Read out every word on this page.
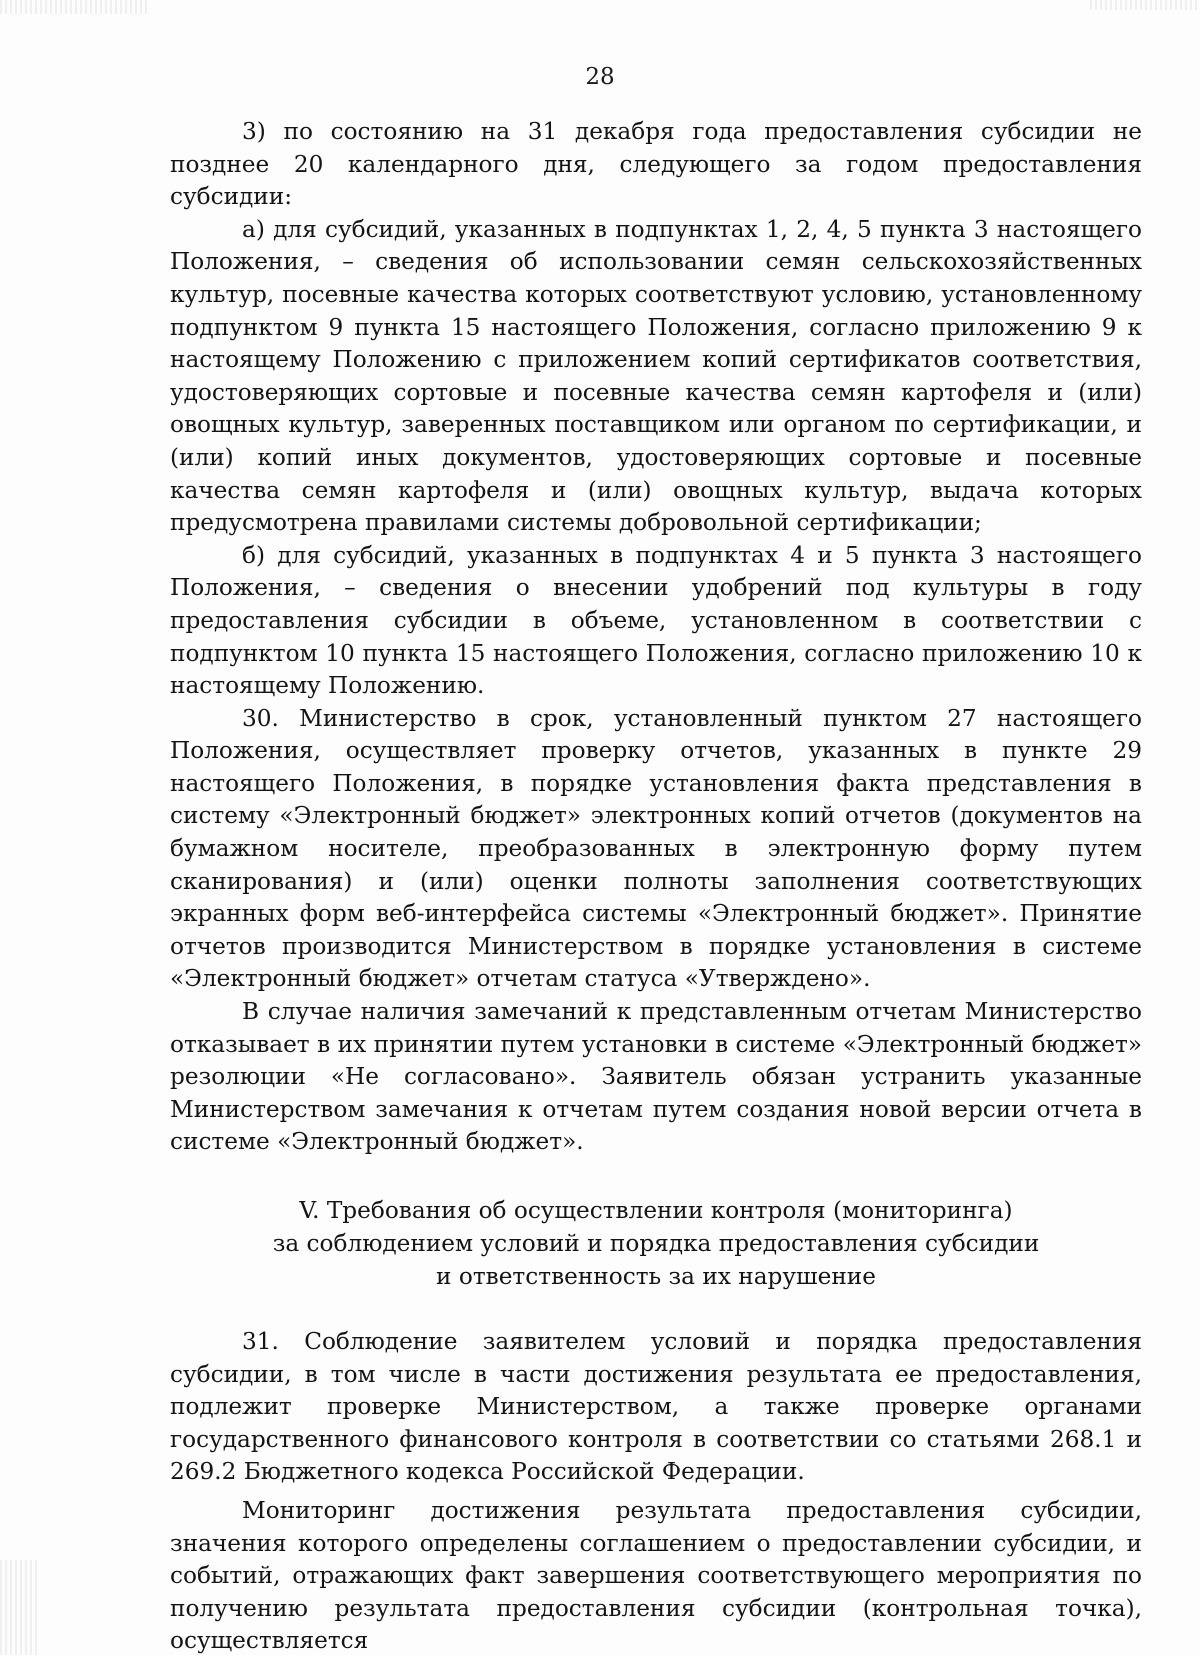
28

3) по состоянию на 31 декабря года предоставления субсидии не позднее 20 календарного дня, следующего за годом предоставления субсидии:

а) для субсидий, указанных в подпунктах 1, 2, 4, 5 пункта 3 настоящего Положения, – сведения об использовании семян сельскохозяйственных культур, посевные качества которых соответствуют условию, установленному подпунктом 9 пункта 15 настоящего Положения, согласно приложению 9 к настоящему Положению с приложением копий сертификатов соответствия, удостоверяющих сортовые и посевные качества семян картофеля и (или) овощных культур, заверенных поставщиком или органом по сертификации, и (или) копий иных документов, удостоверяющих сортовые и посевные качества семян картофеля и (или) овощных культур, выдача которых предусмотрена правилами системы добровольной сертификации;

б) для субсидий, указанных в подпунктах 4 и 5 пункта 3 настоящего Положения, – сведения о внесении удобрений под культуры в году предоставления субсидии в объеме, установленном в соответствии с подпунктом 10 пункта 15 настоящего Положения, согласно приложению 10 к настоящему Положению.

30. Министерство в срок, установленный пунктом 27 настоящего Положения, осуществляет проверку отчетов, указанных в пункте 29 настоящего Положения, в порядке установления факта представления в систему «Электронный бюджет» электронных копий отчетов (документов на бумажном носителе, преобразованных в электронную форму путем сканирования) и (или) оценки полноты заполнения соответствующих экранных форм веб-интерфейса системы «Электронный бюджет». Принятие отчетов производится Министерством в порядке установления в системе «Электронный бюджет» отчетам статуса «Утверждено».

В случае наличия замечаний к представленным отчетам Министерство отказывает в их принятии путем установки в системе «Электронный бюджет» резолюции «Не согласовано». Заявитель обязан устранить указанные Министерством замечания к отчетам путем создания новой версии отчета в системе «Электронный бюджет».

V. Требования об осуществлении контроля (мониторинга)
за соблюдением условий и порядка предоставления субсидии
и ответственность за их нарушение

31. Соблюдение заявителем условий и порядка предоставления субсидии, в том числе в части достижения результата ее предоставления, подлежит проверке Министерством, а также проверке органами государственного финансового контроля в соответствии со статьями 268.1 и 269.2 Бюджетного кодекса Российской Федерации.

Мониторинг достижения результата предоставления субсидии, значения которого определены соглашением о предоставлении субсидии, и событий, отражающих факт завершения соответствующего мероприятия по получению результата предоставления субсидии (контрольная точка), осуществляется
